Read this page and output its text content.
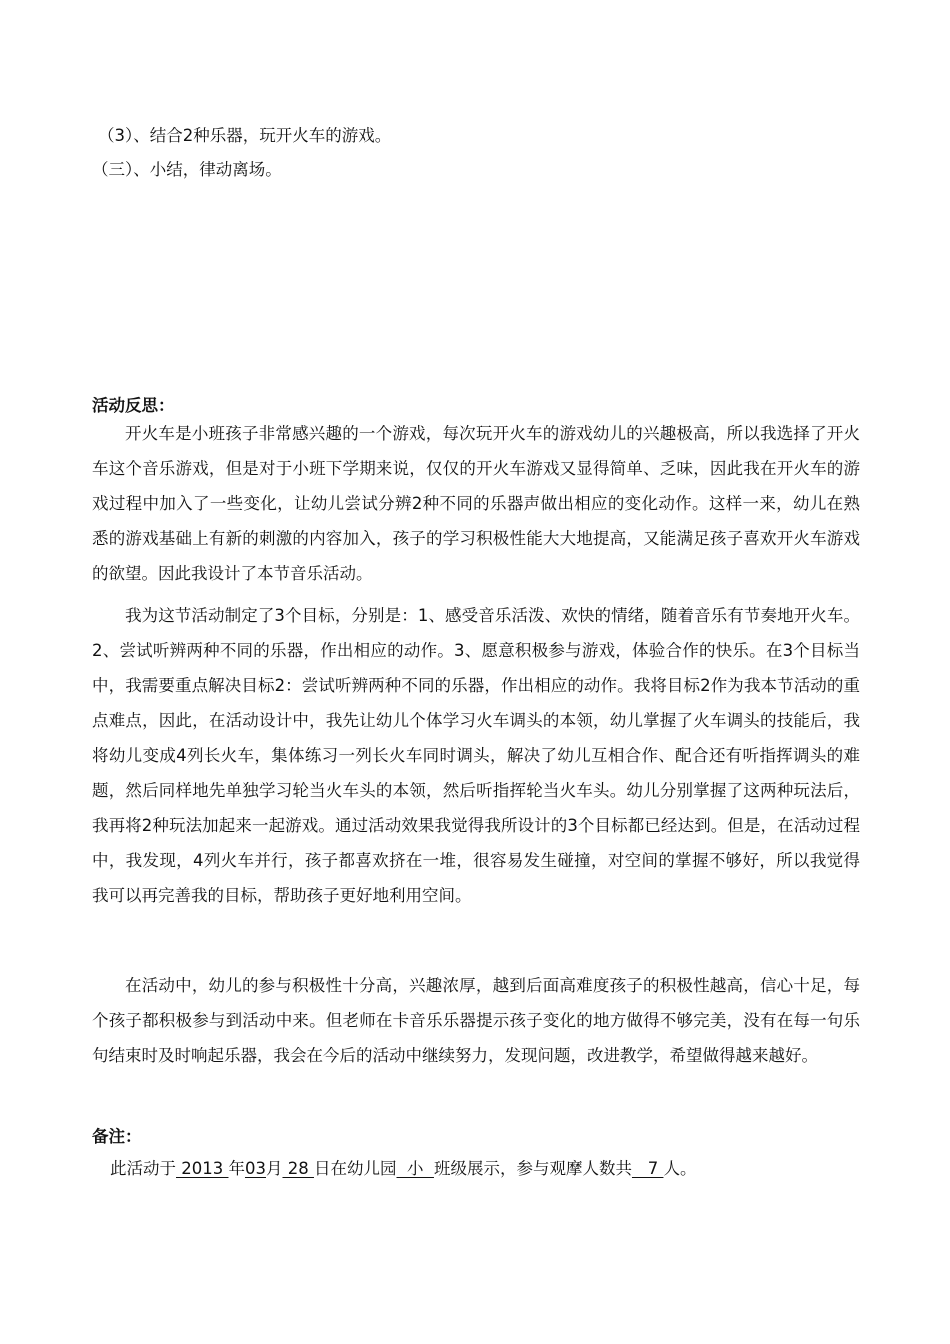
（3）、结合2种乐器，玩开火车的游戏。
（三）、小结，律动离场。
活动反思：
开火车是小班孩子非常感兴趣的一个游戏，每次玩开火车的游戏幼儿的兴趣极高，所以我选择了开火车这个音乐游戏，但是对于小班下学期来说，仅仅的开火车游戏又显得简单、乏味，因此我在开火车的游戏过程中加入了一些变化，让幼儿尝试分辨2种不同的乐器声做出相应的变化动作。这样一来，幼儿在熟悉的游戏基础上有新的刺激的内容加入，孩子的学习积极性能大大地提高，又能满足孩子喜欢开火车游戏的欲望。因此我设计了本节音乐活动。
我为这节活动制定了3个目标，分别是：1、感受音乐活泼、欢快的情绪，随着音乐有节奏地开火车。2、尝试听辨两种不同的乐器，作出相应的动作。3、愿意积极参与游戏，体验合作的快乐。在3个目标当中，我需要重点解决目标2：尝试听辨两种不同的乐器，作出相应的动作。我将目标2作为我本节活动的重点难点，因此，在活动设计中，我先让幼儿个体学习火车调头的本领，幼儿掌握了火车调头的技能后，我将幼儿变成4列长火车，集体练习一列长火车同时调头，解决了幼儿互相合作、配合还有听指挥调头的难题，然后同样地先单独学习轮当火车头的本领，然后听指挥轮当火车头。幼儿分别掌握了这两种玩法后，我再将2种玩法加起来一起游戏。通过活动效果我觉得我所设计的3个目标都已经达到。但是，在活动过程中，我发现，4列火车并行，孩子都喜欢挤在一堆，很容易发生碰撞，对空间的掌握不够好，所以我觉得我可以再完善我的目标，帮助孩子更好地利用空间。
在活动中，幼儿的参与积极性十分高，兴趣浓厚，越到后面高难度孩子的积极性越高，信心十足，每个孩子都积极参与到活动中来。但老师在卡音乐乐器提示孩子变化的地方做得不够完美，没有在每一句乐句结束时及时响起乐器，我会在今后的活动中继续努力，发现问题，改进教学，希望做得越来越好。
备注：
此活动于 2013 年03月 28 日在幼儿园  小  班级展示，参与观摩人数共   7 人。
